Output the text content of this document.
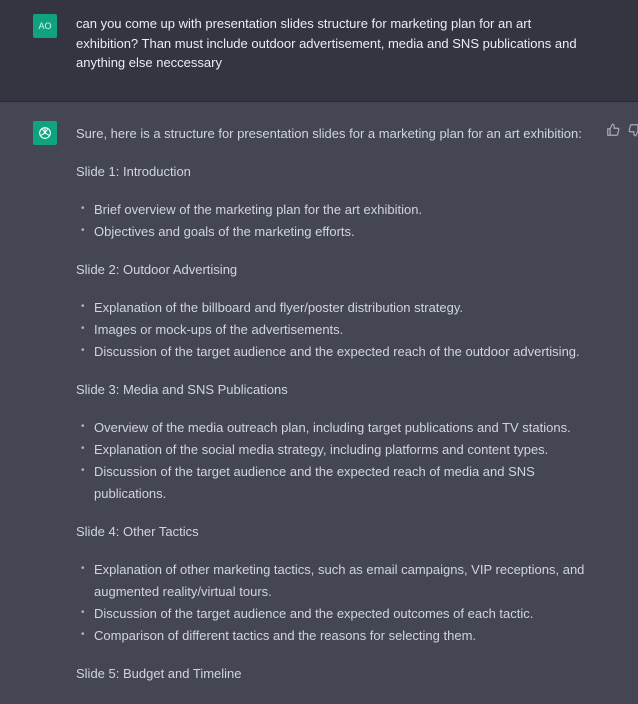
AO	can you come up with presentation slides structure for marketing plan for an art exhibition? Than must include outdoor advertisement, media and SNS publications and anything else neccessary

Sure, here is a structure for presentation slides for a marketing plan for an art exhibition:

Slide 1: Introduction

• Brief overview of the marketing plan for the art exhibition.
• Objectives and goals of the marketing efforts.

Slide 2: Outdoor Advertising

• Explanation of the billboard and flyer/poster distribution strategy.
• Images or mock-ups of the advertisements.
• Discussion of the target audience and the expected reach of the outdoor advertising.

Slide 3: Media and SNS Publications

• Overview of the media outreach plan, including target publications and TV stations.
• Explanation of the social media strategy, including platforms and content types.
• Discussion of the target audience and the expected reach of media and SNS publications.

Slide 4: Other Tactics

• Explanation of other marketing tactics, such as email campaigns, VIP receptions, and augmented reality/virtual tours.
• Discussion of the target audience and the expected outcomes of each tactic.
• Comparison of different tactics and the reasons for selecting them.

Slide 5: Budget and Timeline
